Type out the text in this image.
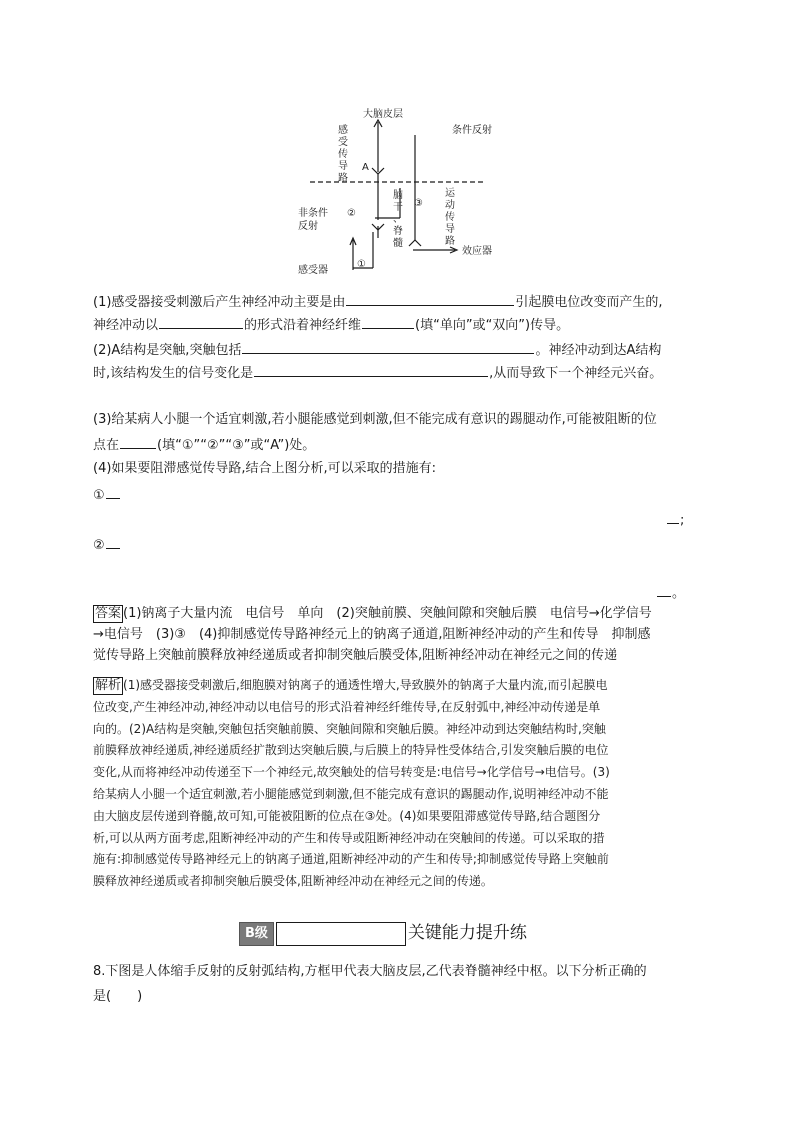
大脑皮层
条件反射
感
受
传
导
路
A
脑
干
、
脊
髓
运
动
传
导
路
非条件
反射
②
③
①
感受器
效应器
(1)感受器接受刺激后产生神经冲动主要是由	引起膜电位改变而产生的,
神经冲动以	的形式沿着神经纤维	(填“单向”或“双向”)传导。
(2)A结构是突触,突触包括	。神经冲动到达A结构
时,该结构发生的信号变化是	,从而导致下一个神经元兴奋。
(3)给某病人小腿一个适宜刺激,若小腿能感觉到刺激,但不能完成有意识的踢腿动作,可能被阻断的位
点在	(填“①”“②”“③”或“A”)处。
(4)如果要阻滞感觉传导路,结合上图分析,可以采取的措施有:
①
;
②
。
答案 (1)钠离子大量内流　电信号　单向　(2)突触前膜、突触间隙和突触后膜　电信号→化学信号
→电信号　(3)③　(4)抑制感觉传导路神经元上的钠离子通道,阻断神经冲动的产生和传导　抑制感
觉传导路上突触前膜释放神经递质或者抑制突触后膜受体,阻断神经冲动在神经元之间的传递
解析 (1)感受器接受刺激后,细胞膜对钠离子的通透性增大,导致膜外的钠离子大量内流,而引起膜电
位改变,产生神经冲动,神经冲动以电信号的形式沿着神经纤维传导,在反射弧中,神经冲动传递是单
向的。(2)A结构是突触,突触包括突触前膜、突触间隙和突触后膜。神经冲动到达突触结构时,突触
前膜释放神经递质,神经递质经扩散到达突触后膜,与后膜上的特异性受体结合,引发突触后膜的电位
变化,从而将神经冲动传递至下一个神经元,故突触处的信号转变是:电信号→化学信号→电信号。(3)
给某病人小腿一个适宜刺激,若小腿能感觉到刺激,但不能完成有意识的踢腿动作,说明神经冲动不能
由大脑皮层传递到脊髓,故可知,可能被阻断的位点在③处。(4)如果要阻滞感觉传导路,结合题图分
析,可以从两方面考虑,阻断神经冲动的产生和传导或阻断神经冲动在突触间的传递。可以采取的措
施有:抑制感觉传导路神经元上的钠离子通道,阻断神经冲动的产生和传导;抑制感觉传导路上突触前
膜释放神经递质或者抑制突触后膜受体,阻断神经冲动在神经元之间的传递。
B级	关键能力提升练
8.下图是人体缩手反射的反射弧结构,方框甲代表大脑皮层,乙代表脊髓神经中枢。以下分析正确的
是(　　)
